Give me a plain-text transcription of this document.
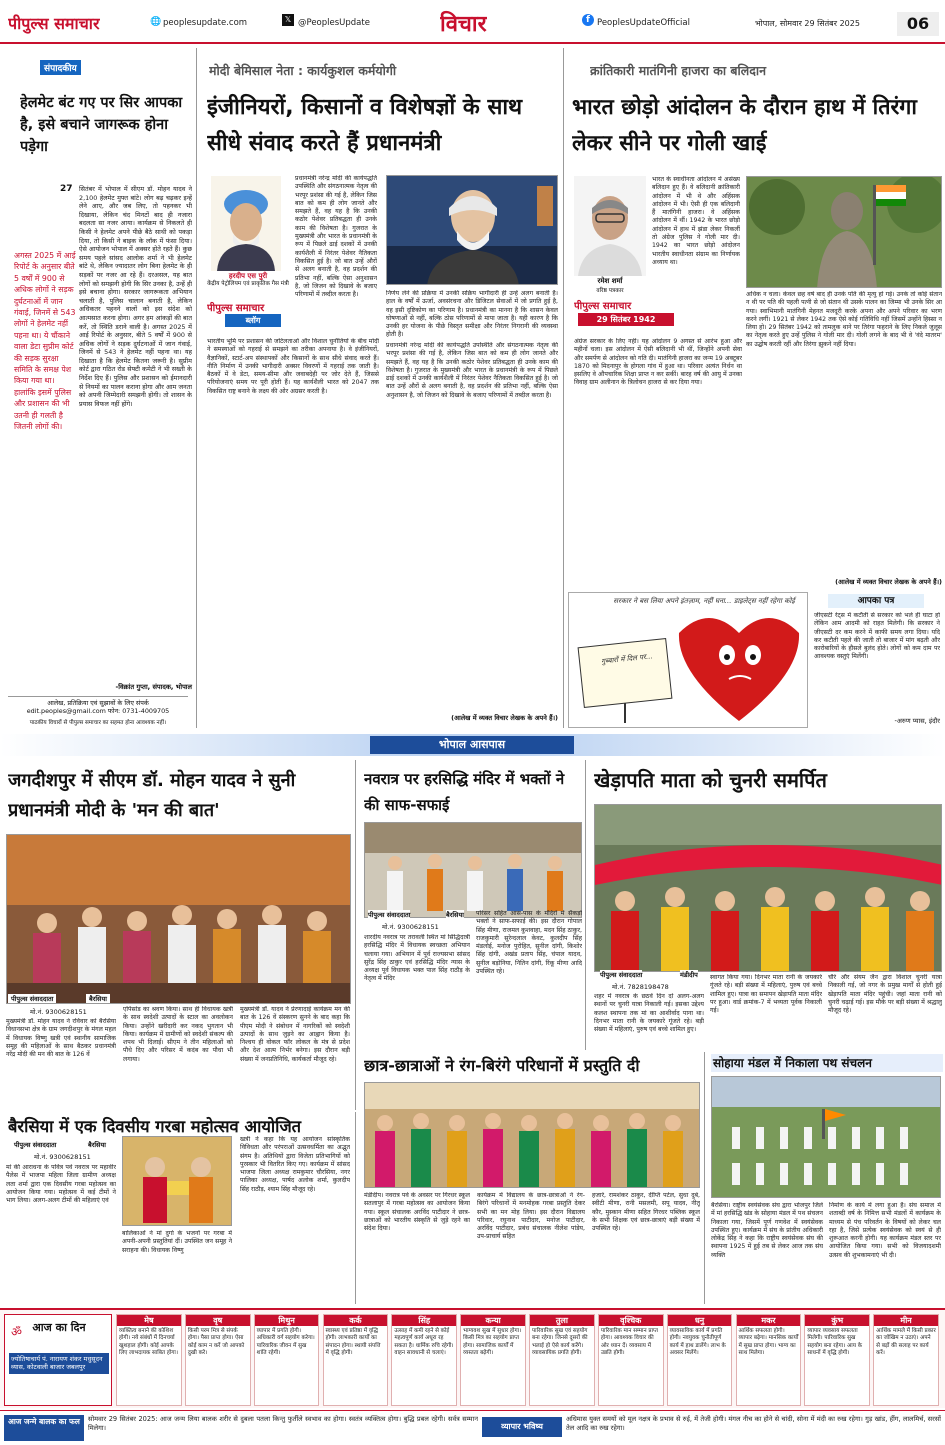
पीपुल्स समाचार	🌐 peoplesupdate.com	𝕏 @PeoplesUpdate	विचार	f PeoplesUpdateOfficial	भोपाल, सोमवार 29 सितंबर 2025	06
संपादकीय
हेलमेट बंट गए पर सिर आपका है, इसे बचाने जागरूक होना पड़ेगा
27 सितंबर में भोपाल में सीएम डॉ. मोहन यादव ने 2,100 हेलमेट मुफ्त बांटे। लोग बढ़ चढ़कर इन्हें लेने आए, और जब लिए, तो पहनकर भी दिखाया, लेकिन चंद मिनटों बाद ही नजारा बदलता सा नजर आया। कार्यक्रम से निकलते ही किसी ने हेलमेट अपने पीछे बैठे साथी को पकड़ा दिया, तो किसी ने बाइक के लॉक में फंसा दिया। ऐसे आयोजन भोपाल में अक्सर होते रहते हैं। कुछ समय पहले सांसद आलोक शर्मा ने भी हेलमेट बांटे थे, लेकिन ज्यादातर लोग बिना हेलमेट के ही सड़कों पर नजर आ रहे हैं। दरअसल, यह बात लोगों को समझनी होगी कि सिर उनका है, उन्हें ही इसे बचाना होगा। सरकार जागरूकता अभियान चलाती है, पुलिस चालान बनाती है, लेकिन अधिकतर पहनने वालों को इस संदेश को आत्मसात करना होगा। अगर हम आंकड़ों की बात करें, तो स्थिति डराने वाली है। अगस्त 2025 में आई रिपोर्ट के अनुसार, बीते 5 वर्षों में 900 से अधिक लोगों ने सड़क दुर्घटनाओं में जान गंवाई, जिनमें से 543 ने हेलमेट नहीं पहना था। यह दिखाता है कि हेलमेट कितना जरूरी है। सुप्रीम कोर्ट द्वारा गठित रोड सेफ्टी कमेटी ने भी सख्ती के निर्देश दिए हैं। पुलिस और प्रशासन को ईमानदारी से नियमों का पालन कराना होगा और आम जनता को अपनी जिम्मेदारी समझनी होगी। तो शासन के प्रयास विफल नहीं होंगे।
अगस्त 2025 में आई रिपोर्ट के अनुसार बीते 5 वर्षों में 900 से अधिक लोगों ने सड़क दुर्घटनाओं में जान गंवाई, जिनमें से 543 लोगों ने हेलमेट नहीं पहना था। ये चौंकाने वाला डेटा सुप्रीम कोर्ट की सड़क सुरक्षा समिति के समक्ष पेश किया गया था। हालांकि इसमें पुलिस और प्रशासन की भी उतनी ही गलती है जितनी लोगों की।
-विक्रांत गुप्ता, संपादक, भोपाल
आलेख, प्रतिक्रिया एवं सुझावों के लिए संपर्क edit.peoples@gmail.com फोन: 0731-4009705
पाठकीय विचारों से पीपुल्स समाचार का सहमत होना आवश्यक नहीं।
मोदी बेमिसाल नेता : कार्यकुशल कर्मयोगी
इंजीनियरों, किसानों व विशेषज्ञों के साथ सीधे संवाद करते हैं प्रधानमंत्री
हरदीप एस पुरी
केंद्रीय पेट्रोलियम एवं प्राकृतिक गैस मंत्री
पीपुल्स समाचार
ब्लॉग
प्रधानमंत्री नरेन्द्र मोदी की कार्यपद्धति उपस्थिति और संगठनात्मक नेतृत्व की भरपूर प्रशंसा की गई है, लेकिन जिस बात को कम ही लोग जानते और समझते हैं, वह यह है कि उनकी कठोर पेशेवर प्रतिबद्धता ही उनके काम की विशेषता है। गुजरात के मुख्यमंत्री और भारत के प्रधानमंत्री के रूप में पिछले ढाई दशकों में उनकी कार्यशैली में निरंतर पेशेवर नैतिकता विकसित हुई है। जो बात उन्हें औरों से अलग बनाती है, वह प्रदर्शन की प्रतिभा नहीं, बल्कि ऐसा अनुशासन है, जो जिजन को दिखावे के बजाए परिणामों में तब्दील करता है।	निर्णय लेने की प्रक्रिया में उनकी सक्रिय भागीदारी ही उन्हें अलग बनाती है। हाल के वर्षों में ऊर्जा, अवसंरचना और डिजिटल सेवाओं में जो प्रगति हुई है, वह इसी दृष्टिकोण का परिणाम है। प्रधानमंत्री का मानना है कि शासन केवल घोषणाओं से नहीं, बल्कि ठोस परिणामों से मापा जाता है। यही कारण है कि उनकी हर योजना के पीछे विस्तृत समीक्षा और निरंतर निगरानी की व्यवस्था होती है।
भारतीय भूमि पर प्रशासन की जटिलताओं और विशाल चुनौतियों के बीच मोदी ने समस्याओं को गहराई से समझने का तरीका अपनाया है। वे इंजीनियरों, वैज्ञानिकों, स्टार्ट-अप संस्थापकों और किसानों के साथ सीधे संवाद करते हैं। नीति निर्माण में उनकी भागीदारी अक्सर विवरणों में गहराई तक जाती है। बैठकों में वे डेटा, समय-सीमा और जवाबदेही पर जोर देते हैं, जिससे परियोजनाएं समय पर पूरी होती हैं। यह कार्यशैली भारत को 2047 तक विकसित राष्ट्र बनाने के लक्ष्य की ओर अग्रसर करती है।
प्रधानमंत्री नरेन्द्र मोदी की कार्यपद्धति उपस्थिति और संगठनात्मक नेतृत्व की भरपूर प्रशंसा की गई है, लेकिन जिस बात को कम ही लोग जानते और समझते हैं, वह यह है कि उनकी कठोर पेशेवर प्रतिबद्धता ही उनके काम की विशेषता है। गुजरात के मुख्यमंत्री और भारत के प्रधानमंत्री के रूप में पिछले ढाई दशकों में उनकी कार्यशैली में निरंतर पेशेवर नैतिकता विकसित हुई है। जो बात उन्हें औरों से अलग बनाती है, वह प्रदर्शन की प्रतिभा नहीं, बल्कि ऐसा अनुशासन है, जो जिजन को दिखावे के बजाए परिणामों में तब्दील करता है।
(आलेख में व्यक्त विचार लेखक के अपने हैं।)
क्रांतिकारी मातंगिनी हाजरा का बलिदान
भारत छोड़ो आंदोलन के दौरान हाथ में तिरंगा लेकर सीने पर गोली खाई
रमेश शर्मा
वरिष्ठ पत्रकार
पीपुल्स समाचार
29 सितंबर 1942
भारत के स्वाधीनता आंदोलन में असंख्य बलिदान हुए हैं। वे बलिदानी क्रांतिकारी आंदोलन में भी थे और अहिंसक आंदोलन में भी। ऐसी ही एक बलिदानी हैं मातंगिनी हाजरा। वे अहिंसक आंदोलन में थीं। 1942 के भारत छोड़ो आंदोलन में हाथ में झंडा लेकर निकलीं तो अंग्रेज पुलिस ने गोली मार दी। 1942 का भारत छोड़ो आंदोलन भारतीय स्वाधीनता संग्राम का निर्णायक अध्याय था।
अधिक न चला। केवल छह वर्ष बाद ही उनके पति की मृत्यु हो गई। उनके तो कोई संतान न थी पर पति की पहली पत्नी से जो संतान थी उसके पालन का जिम्मा भी उनके सिर आ गया। स्वाभिमानी मातंगिनी मेहनत मजदूरी करके अपना और अपने परिवार का भरण करने लगीं। 1921 से लेकर 1942 तक ऐसे कोई गतिविधि नहीं जिसमें उन्होंने हिस्सा न लिया हो। 29 सितंबर 1942 को तामलुक थाने पर तिरंगा फहराने के लिए निकले जुलूस का नेतृत्व करते हुए उन्हें पुलिस ने गोली मार दी। गोली लगने के बाद भी वे 'वंदे मातरम' का उद्घोष करती रहीं और तिरंगा झुकने नहीं दिया।
अंग्रेज सरकार के लिए नहीं। यह आंदोलन 9 अगस्त से आरंभ हुआ और महीनों चला। इस आंदोलन में ऐसी बलिदानी भी थीं, जिन्होंने अपनी सेवा और समर्पण से आंदोलन को गति दी। मातंगिनी हाजरा का जन्म 19 अक्टूबर 1870 को मिदनापुर के होगला गांव में हुआ था। परिवार अत्यंत निर्धन था इसलिए वे औपचारिक शिक्षा प्राप्त न कर सकीं। बारह वर्ष की आयु में उनका विवाह ग्राम अलीनान के त्रिलोचन हाजरा से कर दिया गया।
(आलेख में व्यक्त विचार लेखक के अपने हैं।)
सरकार ने बस लिया अपने इंतज़ाम, नहीं घना... डाइलेट्स नहीं रहेगा कोई
गुब्बारों में दिल पर...
आपका पत्र
जीएसटी रेट्स में कटौती से सरकार को भले ही घाटा हो लेकिन आम आदमी को राहत मिलेगी। कि सरकार ने जीएसटी दर कम करने में काफी समय लगा दिया। यदि कर कटौती पहले की जाती तो बाजार में मांग बढ़ती और कारोबारियों के हौसले बुलंद होते। लोगों को कम दाम पर आवश्यक वस्तुएं मिलेंगी।
-अरुण प्यास, इंदौर
भोपाल आसपास
जगदीशपुर में सीएम डॉ. मोहन यादव ने सुनी प्रधानमंत्री मोदी के 'मन की बात'
पीपुल्स संवाददाता	बैरसिया
मो.नं. 9300628151
मुख्यमंत्री डॉ. मोहन यादव ने रविवार को बैरसिया विधानसभा क्षेत्र के ग्राम जगदीशपुर के मंगल महल में विधायक विष्णु खत्री एवं स्थानीय सामाजिक समूह की महिलाओं के साथ बैठकर प्रधानमंत्री नरेंद्र मोदी की मन की बात के 126 वें
एपिसोड का श्रवण किया। साथ ही विधायक खत्री के साथ स्वदेशी उत्पादों के स्टाल का अवलोकन किया। उन्होंने खरीदारी कर नकद भुगतान भी किया। कार्यक्रम में ग्रामीणों को स्वदेशी संकल्प की शपथ भी दिलाई। सीएम ने तीन महिलाओं को पौधे दिए और परिसर में कदंब का पौधा भी लगाया।
मुख्यमंत्री डॉ. यादव ने प्रेरणादाई कार्यक्रम मन की बात के 126 वें संस्करण सुनने के बाद कहा कि पीएम मोदी ने संबोधन में नागरिकों को स्वदेशी उत्पादों के साथ जुड़ने का आह्वान किया है। निश्चय ही वोकल फॉर लोकल के मंत्र से प्रदेश और देश आत्म निर्भर बनेगा। इस दौरान बड़ी संख्या में जनप्रतिनिधि, कार्यकर्ता मौजूद रहे।
बैरसिया में एक दिवसीय गरबा महोत्सव आयोजित
पीपुल्स संवाददाता	बैरसिया
मो.नं. 9300628151
मां की आराधना के पवित्र पर्व नवरात्र पर महावीर पैलेस में भाजपा महिला जिला ग्रामीण अध्यक्ष लता शर्मा द्वारा एक दिवसीय गरबा महोत्सव का आयोजन किया गया। महोत्सव में कई टीमों ने भाग लिया। अलग-अलग टीमों की महिलाएं एवं
बालिकाओं ने मां दुर्गा के भजनों पर गरबा में अपनी-अपनी प्रस्तुतियां दीं। उपस्थित जन समूह ने सराहना की। विधायक विष्णु
खत्री ने कहा कि यह आयोजन सांस्कृतिक विविधता और परंपराओं उत्सवधर्मिता का अद्भुत संगम है। अतिथियों द्वारा विजेता प्रतिभागियों को पुरस्कार भी वितरित किए गए। कार्यक्रम में सांसद भाजपा जिला अध्यक्ष रामकुमार चौरसिया, नगर पालिका अध्यक्ष, पार्षद अलोक शर्मा, कुलदीप सिंह राठौड़, श्याम सिंह मौजूद रहे।
नवरात्र पर हरसिद्धि मंदिर में भक्तों ने की साफ-सफाई
पीपुल्स संवाददाता	बैरसिया
मो.नं. 9300628151
शारदीय नवरात्र पर तरावली स्थित मां सिद्धिदात्री हरसिद्धि मंदिर में विधायक स्वच्छता अभियान चलाया गया। अभियान में पूर्व राज्यसभा सांसद सुरेंद्र सिंह ठाकुर एवं हरसिद्धि मंदिर न्यास के अध्यक्ष पूर्व विधायक भक्त पाल सिंह राठौड़ के नेतृत्व में मंदिर
परिसर सहित आस-पास के मंदिरों में सैकड़ों भक्तों ने साफ-सफाई की। इस दौरान गोपाल सिंह मीणा, राजमल कुशवाहा, मदन सिंह ठाकुर, राजकुमारी सुरेन्दलाल केवट, कुलदीप सिंह मंडलोई, मनोज पुरोहित, सुनील दांगी, किशोर सिंह दांगी, अखंड प्रताप सिंह, चंपाल यादव, सुनील बड़ोनिया, नितिन दांगी, रिंकू मीणा आदि उपस्थित रहे।
खेड़ापति माता को चुनरी समर्पित
पीपुल्स संवाददाता	मंडीदीप
मो.नं. 7828198478
शहर में नवरात्र के छठवें दिन दो अलग-अलग स्थानों पर चुनरी यात्रा निकाली गई। इसका उद्देश्य कलश स्थापना तक मां का आशीर्वाद पाना था। दिनभर माता रानी के जयकारे गूंजते रहे। बड़ी संख्या में महिलाएं, पुरुष एवं बच्चे शामिल हुए।
स्वागत किया गया। दिनभर माता रानी के जयकारे गूंजते रहे। बड़ी संख्या में महिलाएं, पुरुष एवं बच्चे शामिल हुए। यात्रा का समापन खेड़ापति माता मंदिर पर हुआ। वार्ड क्रमांक-7 में भव्यता पूर्वक निकाली गई।
चौरे और संयम जैन द्वारा विशाल चुनरी यात्रा निकाली गई, जो नगर के प्रमुख मार्गों से होती हुई खेड़ापति माता मंदिर पहुंची। जहां माता रानी को चुनरी चढ़ाई गई। इस मौके पर बड़ी संख्या में श्रद्धालु मौजूद रहे।
छात्र-छात्राओं ने रंग-बिरंगे परिधानों में प्रस्तुति दी
मंडीदीप। नवरात्र पर्व के अवसर पर गिरधर स्कूल सतलापुर में गरबा महोत्सव का आयोजन किया गया। स्कूल संचालक अरविंद पाटीदार ने छात्र-छात्राओं को भारतीय संस्कृति से जुड़े रहने का संदेश दिया।
कार्यक्रम में विद्यालय के छात्र-छात्राओं ने रंग-बिरंगे परिधानों में मनमोहक गरबा प्रस्तुति देकर सभी का मन मोह लिया। इस दौरान विद्यालय परिवार, रघुनाथ पाटीदार, मनोज पाटीदार, अरविंद पाटीदार, प्रबंध संचालक नीलेश पांडेय, उप-प्राचार्य सहित
हजारे, रामशंकर ठाकुर, दीप्ति पटेल, सुधा दुबे, स्वीटी मीणा, रानी मसलमी, सपू यादव, नीतू कौर, मुस्कान मीणा सहित गिरधर पब्लिक स्कूल के सभी शिक्षक एवं छात्र-छात्राएं बड़ी संख्या में उपस्थित रहे।
सोहाया मंडल में निकाला पथ संचलन
बैरसिया। राष्ट्रीय स्वयंसेवक संघ द्वारा भोजपुर जिले में मां हरसिद्धि खंड के सोहाया मंडल में पथ संचलन निकाला गया, जिसमें पूर्ण गणवेश में स्वयंसेवक उपस्थित हुए। कार्यक्रम में संघ के प्रांतीय अधिकारी लोकेंद्र सिंह ने कहा कि राष्ट्रीय स्वयंसेवक संघ की स्थापना 1925 में हुई तब से लेकर आज तक संघ व्यक्ति
निर्माण के कार्य में लगा हुआ है। संघ समाज में शताब्दी वर्ष के निमित्त सभी मंडलों में कार्यक्रम के माध्यम से पंच परिवर्तन के विषयों को लेकर चल रहा है, जिसे प्रत्येक स्वयंसेवक को स्वयं से ही शुरूआत करनी होगी। यह कार्यक्रम मंडल स्तर पर आयोजित किया गया। सभी को विजयादशमी उत्सव की शुभकामनाएं भी दी।
ॐ आज का दिन
ज्योतिषाचार्य पं. नारायण शंकर मधुसूदन व्यास, कोटवाली बाजार जबलपुर
मेष
व्यक्तित्व बनाने की कोशिश होगी। नये संबंधों में दिनचर्या खुशहाल होगी। कोई आपके लिए लाभदायक साबित होगा।
वृष
किसी परम मित्र से संपर्क होगा। पैसा प्राप्त होगा। ऐसा कोई काम न करें जो आपको दुखी करे।
मिथुन
व्यापार में प्रगति होगी। अधिकारी वर्ग सहयोग करेगा। पारिवारिक जीवन में सुख शांति रहेगी।
कर्क
स्वास्थ्य एवं प्रतिष्ठा में वृद्धि होगी। लाभकारी कार्यों का संपादन होगा। स्थायी संपत्ति में वृद्धि होगी।
सिंह
उत्साह में कमी रहने से कोई महत्वपूर्ण कार्य अधूरा रह सकता है। धार्मिक रुचि रहेगी। वाहन सावधानी से चलाएं।
कन्या
भाग्यवश सुख में सुधार होगा। किसी मित्र का सहयोग प्राप्त होगा। सामाजिक कार्यों में व्यस्तता बढ़ेगी।
तुला
पारिवारिक सुख एवं सहयोग बना रहेगा। जिनसे दूसरों की भलाई हो ऐसे कार्य करेंगे। व्यावसायिक प्रगति होगी।
वृश्चिक
पारिवारिक मान सम्मान प्राप्त होगा। आवश्यक विचार की ओर ध्यान दें। व्यवसाय में उन्नति होगी।
धनु
व्यावसायिक कार्य में प्रगति होगी। नवयुवक चुनौतीपूर्ण कार्य में हाथ डालेंगे। लाभ के अवसर मिलेंगे।
मकर
आर्थिक सफलता होगी। व्यापार बढ़ेगा। मानसिक कार्यों में सुख प्राप्त होगा। भाग्य का साथ मिलेगा।
कुंभ
व्यापार व्यवसाय सफलता मिलेगी। पारिवारिक सुख सहयोग बना रहेगा। आय के साधनों में वृद्धि होगी।
मीन
आर्थिक मामले में किसी प्रकार का जोखिम न उठाएं। अपने से बड़ों की सलाह पर कार्य करें।
आज जन्मे बालक का फल	सोमवार 29 सितंबर 2025: आज जन्म लिया बालक शरीर से दुबला पतला किन्तु फुर्तीले स्वभाव का होगा। स्वतंत्र व्यक्तित्व होगा। बुद्धि प्रबल रहेगी। सर्वत्र सम्मान मिलेगा।	व्यापार भविष्य
अधिमास युक्त समयों को मूल नक्षत्र के प्रभाव से रुई, में तेजी होगी। मंगल नीच का होने से चांदी, सोना में मंदी का रुख रहेगा। गुड़ खांड, हींग, लालमिर्च, सरसों तेल आदि का रुख रहेगा।
